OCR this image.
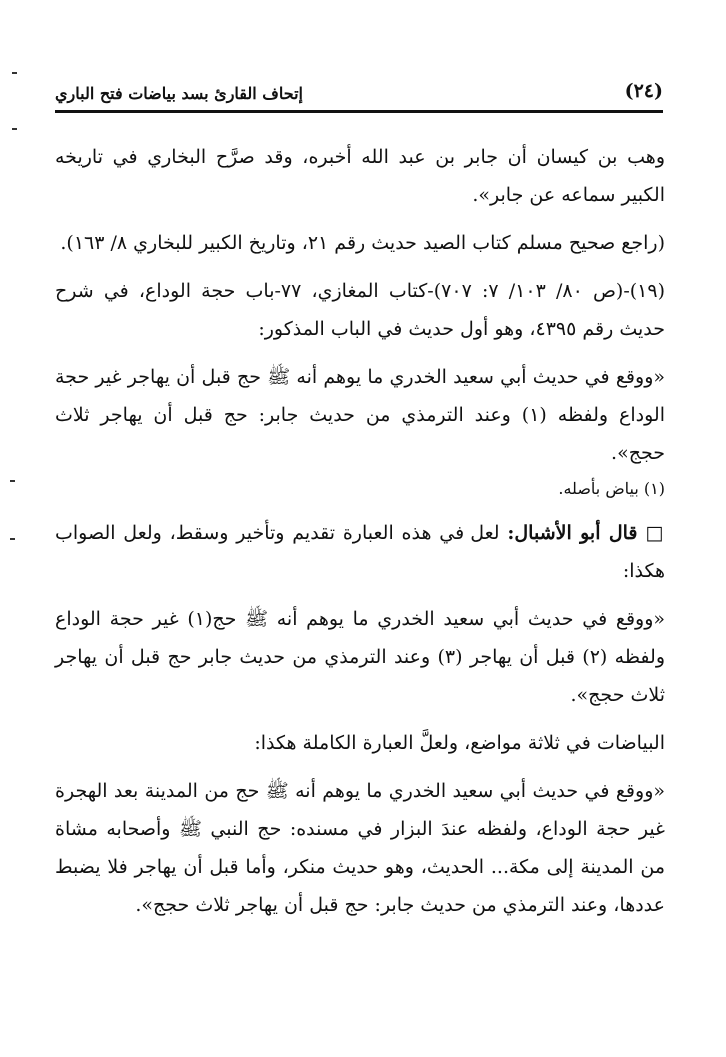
(٢٤)
إتحاف القارئ بسد بياضات فتح الباري

وهب بن كيسان أن جابر بن عبد الله أخبره، وقد صرَّح البخاري في تاريخه الكبير سماعه عن جابر».

(راجع صحيح مسلم كتاب الصيد حديث رقم ٢١، وتاريخ الكبير للبخاري ٨/ ١٦٣).

(١٩)-(ص ٨٠/ ١٠٣/ ٧: ٧٠٧)-كتاب المغازي، ٧٧-باب حجة الوداع، في شرح حديث رقم ٤٣٩٥، وهو أول حديث في الباب المذكور:

«ووقع في حديث أبي سعيد الخدري ما يوهم أنه ﷺ حج قبل أن يهاجر غير حجة الوداع ولفظه (١) وعند الترمذي من حديث جابر: حج قبل أن يهاجر ثلاث حجج».

(١) بياض بأصله.

□ قال أبو الأشبال: لعل في هذه العبارة تقديم وتأخير وسقط، ولعل الصواب هكذا:

«ووقع في حديث أبي سعيد الخدري ما يوهم أنه ﷺ حج(١) غير حجة الوداع ولفظه (٢) قبل أن يهاجر (٣) وعند الترمذي من حديث جابر حج قبل أن يهاجر ثلاث حجج».

البياضات في ثلاثة مواضع، ولعلَّ العبارة الكاملة هكذا:

«ووقع في حديث أبي سعيد الخدري ما يوهم أنه ﷺ حج من المدينة بعد الهجرة غير حجة الوداع، ولفظه عندَ البزار في مسنده: حج النبي ﷺ وأصحابه مشاة من المدينة إلى مكة... الحديث، وهو حديث منكر، وأما قبل أن يهاجر فلا يضبط عددها، وعند الترمذي من حديث جابر: حج قبل أن يهاجر ثلاث حجج».
